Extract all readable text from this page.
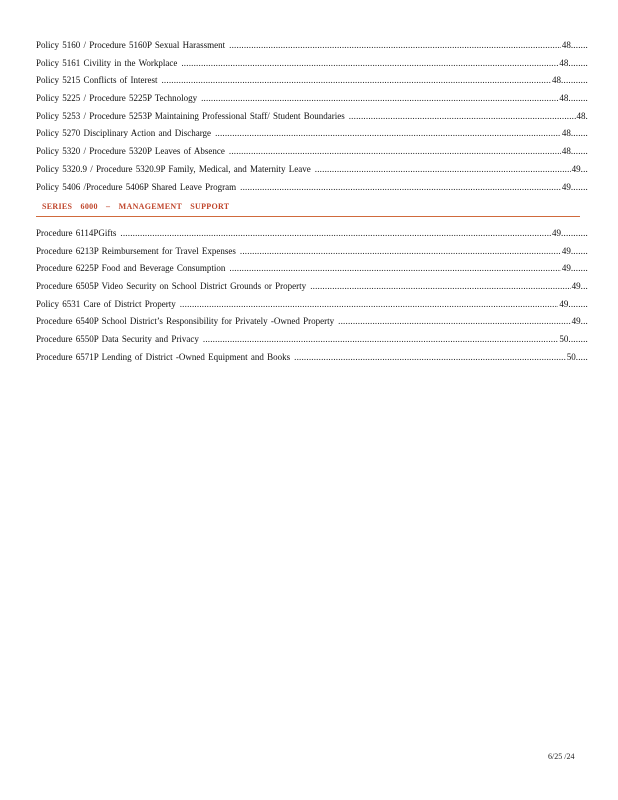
Policy 5160 / Procedure 5160P Sexual Harassment .....	48 .......
Policy 5161 Civility in the Workplace .....	48 ........
Policy 5215 Conflicts of Interest .....	48 ...........
Policy 5225 / Procedure 5225P Technology .....	48 ........
Policy 5253 / Procedure 5253P Maintaining Professional Staff/ Student Boundaries .....	48 .
Policy 5270 Disciplinary Action and Discharge .....	48 .......
Policy 5320 / Procedure 5320P Leaves of Absence .....	48 .......
Policy 5320.9 / Procedure 5320.9P Family, Medical, and Maternity Leave .....	49 ...
Policy 5406 /Procedure 5406P Shared Leave Program .....	49 .......
SERIES 6000 – MANAGEMENT SUPPORT
Procedure 6114PGifts .....	49 ...........
Procedure 6213P Reimbursement for Travel Expenses .....	49 .......
Procedure 6225P Food and Beverage Consumption .....	49 .......
Procedure 6505P Video Security on School District Grounds or Property .....	49 ...
Policy 6531 Care of District Property .....	49 ........
Procedure 6540P School District’s Responsibility for Privately -Owned Property .....	49 ...
Procedure 6550P Data Security and Privacy .....	50 ........
Procedure 6571P Lending of District -Owned Equipment and Books .....	50 .....
6/25 /24
